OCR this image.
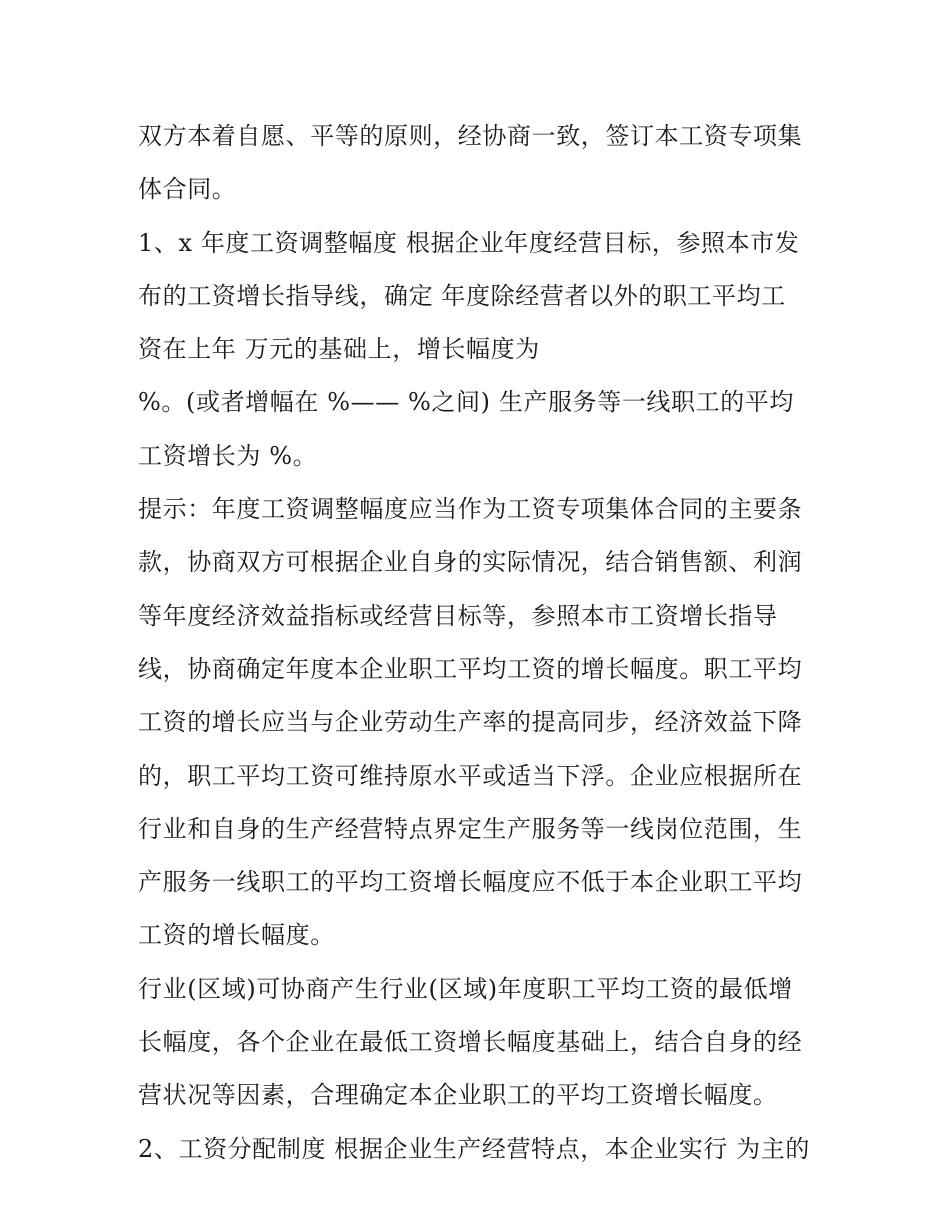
双方本着自愿、平等的原则，经协商一致，签订本工资专项集
体合同。
1、x 年度工资调整幅度 根据企业年度经营目标，参照本市发
布的工资增长指导线，确定 年度除经营者以外的职工平均工
资在上年 万元的基础上，增长幅度为
%。(或者增幅在 %—— %之间) 生产服务等一线职工的平均
工资增长为 %。
提示：年度工资调整幅度应当作为工资专项集体合同的主要条
款，协商双方可根据企业自身的实际情况，结合销售额、利润
等年度经济效益指标或经营目标等，参照本市工资增长指导
线，协商确定年度本企业职工平均工资的增长幅度。职工平均
工资的增长应当与企业劳动生产率的提高同步，经济效益下降
的，职工平均工资可维持原水平或适当下浮。企业应根据所在
行业和自身的生产经营特点界定生产服务等一线岗位范围，生
产服务一线职工的平均工资增长幅度应不低于本企业职工平均
工资的增长幅度。
行业(区域)可协商产生行业(区域)年度职工平均工资的最低增
长幅度，各个企业在最低工资增长幅度基础上，结合自身的经
营状况等因素，合理确定本企业职工的平均工资增长幅度。
2、工资分配制度 根据企业生产经营特点，本企业实行 为主的
